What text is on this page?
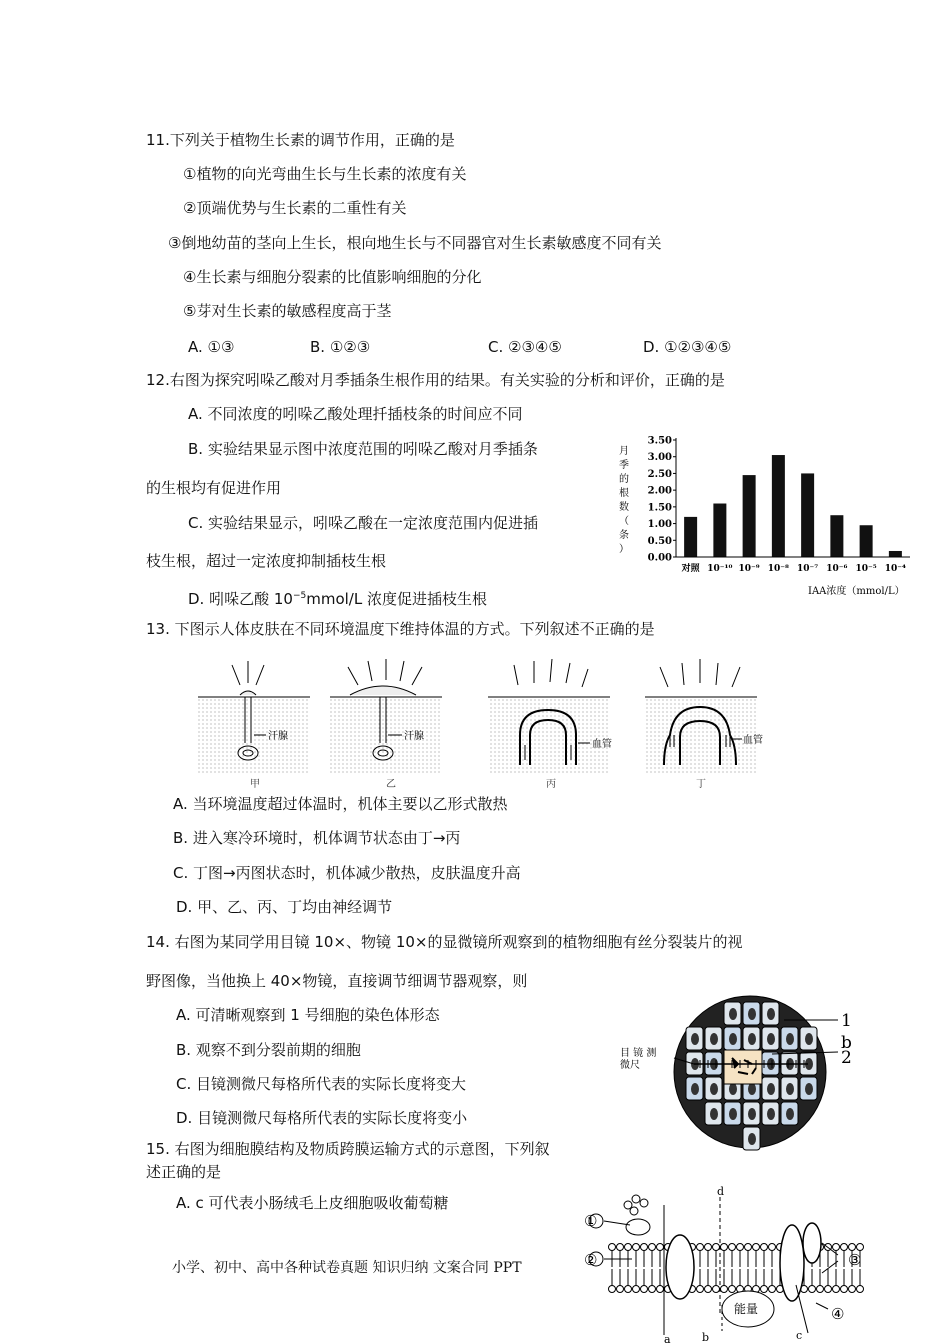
11.下列关于植物生长素的调节作用，正确的是
①植物的向光弯曲生长与生长素的浓度有关
②顶端优势与生长素的二重性有关
③倒地幼苗的茎向上生长，根向地生长与不同器官对生长素敏感度不同有关
④生长素与细胞分裂素的比值影响细胞的分化
⑤芽对生长素的敏感程度高于茎
A. ①③	B. ①②③	C. ②③④⑤	D. ①②③④⑤
12.右图为探究吲哚乙酸对月季插条生根作用的结果。有关实验的分析和评价，正确的是
A. 不同浓度的吲哚乙酸处理扦插枝条的时间应不同
B. 实验结果显示图中浓度范围的吲哚乙酸对月季插条
的生根均有促进作用
C. 实验结果显示，吲哚乙酸在一定浓度范围内促进插
枝生根，超过一定浓度抑制插枝生根
D. 吲哚乙酸 $10^{-5}mmol/L$ 浓度促进插枝生根
月
季
的
根
数
（
条
）
0.00
0.50
1.00
1.50
2.00
2.50
3.00
3.50
对照 10⁻¹⁰ 10⁻⁹ 10⁻⁸ 10⁻⁷ 10⁻⁶ 10⁻⁵ 10⁻⁴
IAA浓度（mmol/L）
13. 下图示人体皮肤在不同环境温度下维持体温的方式。下列叙述不正确的是
汗腺	汗腺
血管	血管
甲	乙	丙	丁
A. 当环境温度超过体温时，机体主要以乙形式散热
B. 进入寒冷环境时，机体调节状态由丁→丙
C. 丁图→丙图状态时，机体减少散热，皮肤温度升高
D. 甲、乙、丙、丁均由神经调节
14. 右图为某同学用目镜 10×、物镜 10×的显微镜所观察到的植物细胞有丝分裂装片的视
野图像，当他换上 40×物镜，直接调节细调节器观察，则
A. 可清晰观察到 1 号细胞的染色体形态
B. 观察不到分裂前期的细胞
C. 目镜测微尺每格所代表的实际长度将变大
D. 目镜测微尺每格所代表的实际长度将变小
目 镜 测
微尺
1
b
2
15. 右图为细胞膜结构及物质跨膜运输方式的示意图，下列叙
述正确的是
A. c 可代表小肠绒毛上皮细胞吸收葡萄糖
①
②	③
④
a	b	c
d
能量
小学、初中、高中各种试卷真题 知识归纳 文案合同 PPT
